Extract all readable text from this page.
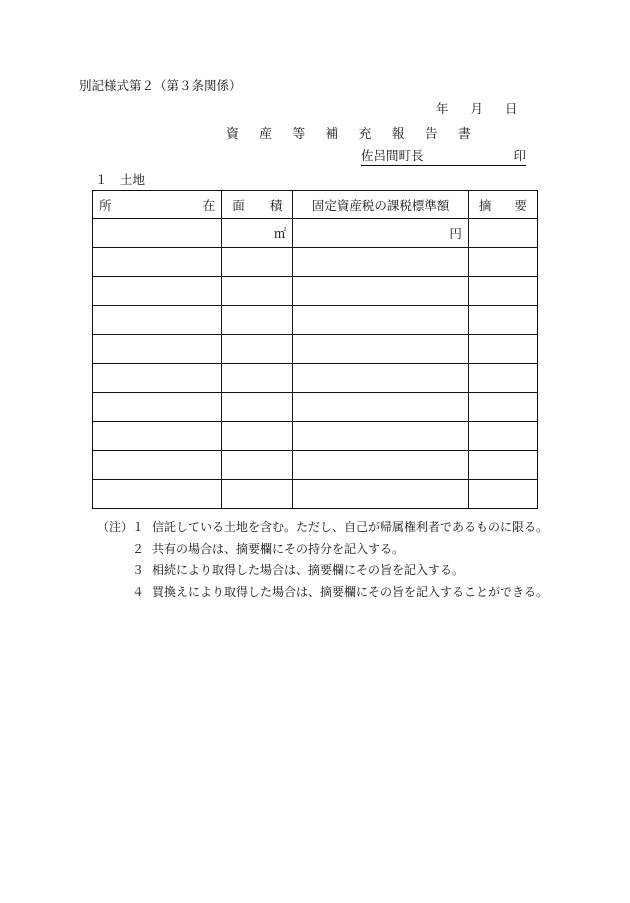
別記様式第２（第３条関係）
年 月 日
資 産 等 補 充 報 告 書
佐呂間町長	印
１　土地
所 在	面 積	固定資産税の課税標準額	摘 要

	㎡	円	

（注）
１ 信託している土地を含む。ただし、自己が帰属権利者であるものに限る。
２ 共有の場合は、摘要欄にその持分を記入する。
３ 相続により取得した場合は、摘要欄にその旨を記入する。
４ 買換えにより取得した場合は、摘要欄にその旨を記入することができる。
